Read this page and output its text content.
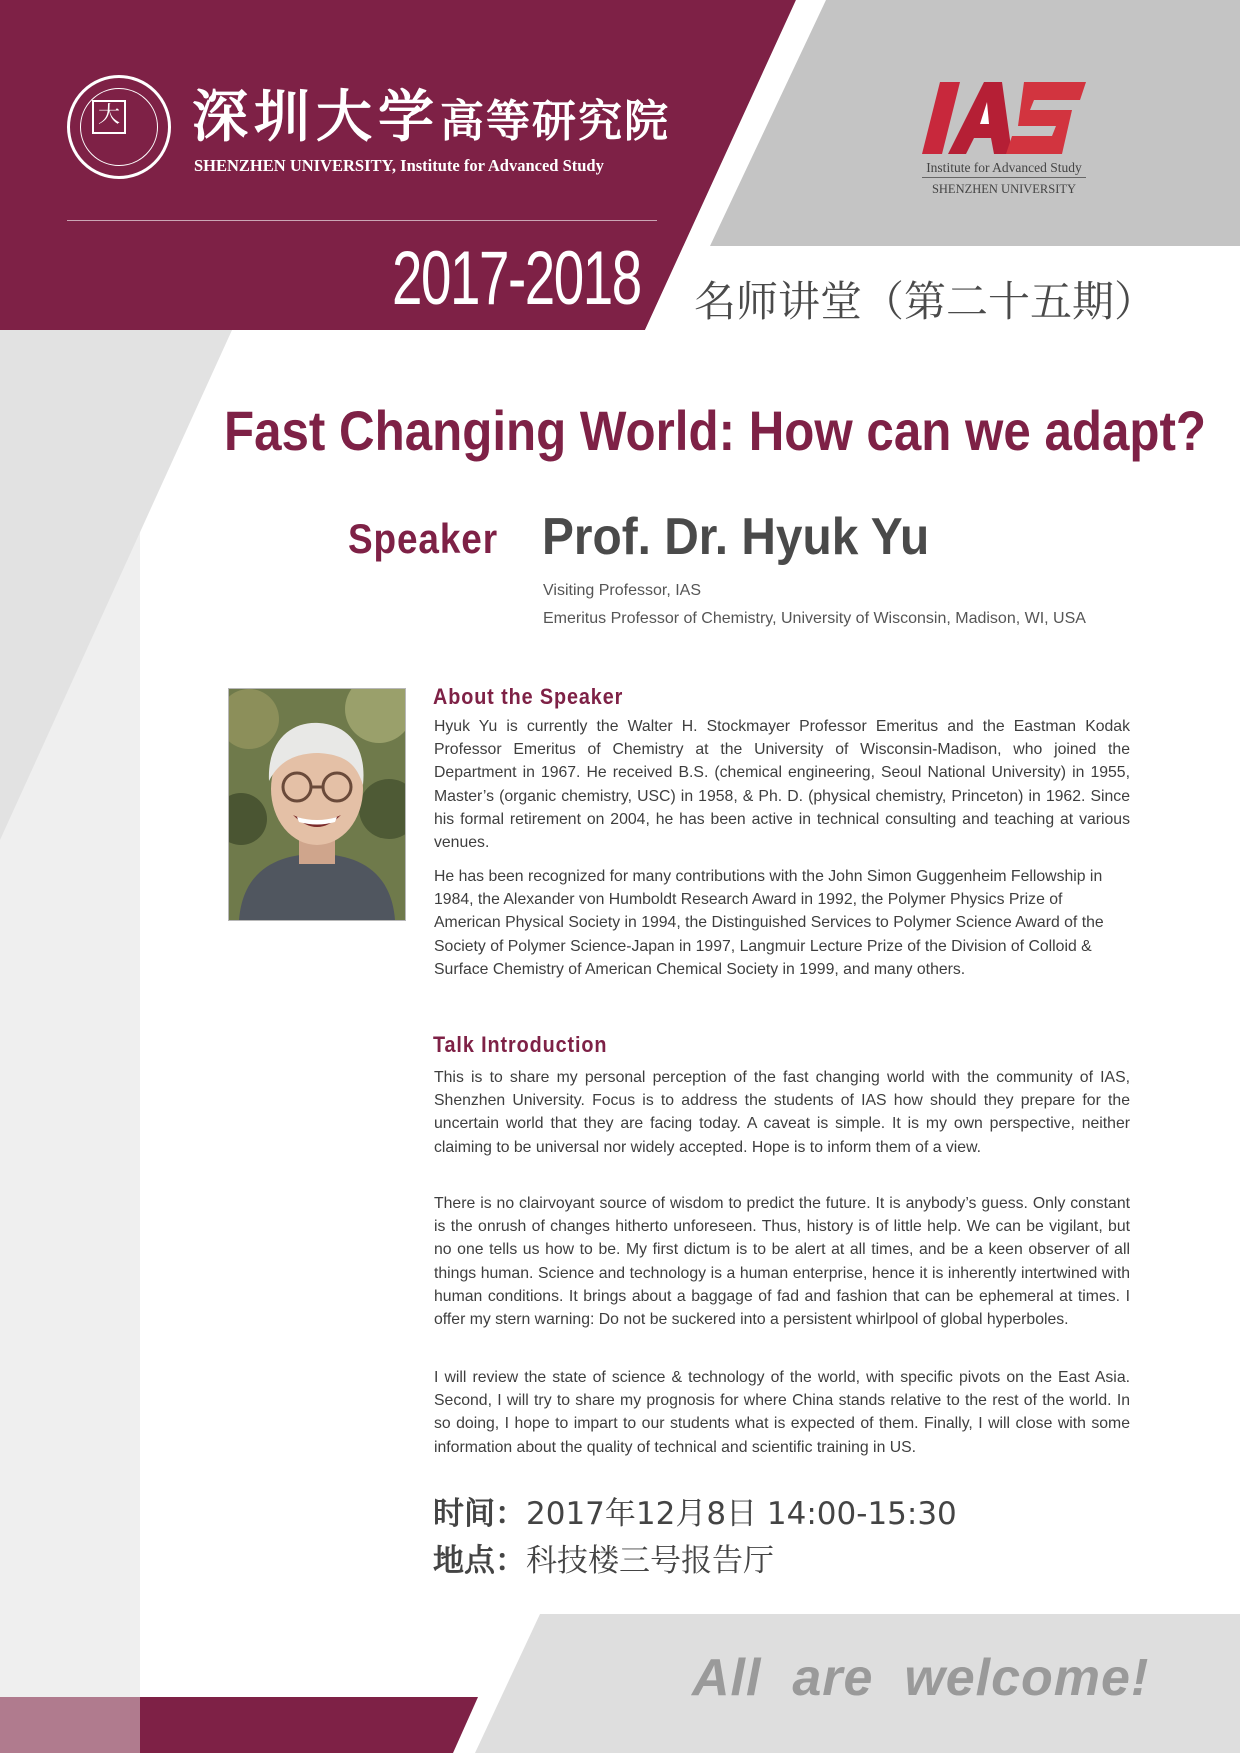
大 深圳大学高等研究院
SHENZHEN UNIVERSITY, Institute for Advanced Study
2017-2018 名师讲堂（第二十五期）
Institute for Advanced Study
SHENZHEN UNIVERSITY
Fast Changing World: How can we adapt?
Speaker Prof. Dr. Hyuk Yu
Visiting Professor, IAS
Emeritus Professor of Chemistry, University of Wisconsin, Madison, WI, USA
About the Speaker

Hyuk Yu is currently the Walter H. Stockmayer Professor Emeritus and the Eastman Kodak Professor Emeritus of Chemistry at the University of Wisconsin-Madison, who joined the Department in 1967. He received B.S. (chemical engineering, Seoul National University) in 1955, Master’s (organic chemistry, USC) in 1958, & Ph. D. (physical chemistry, Princeton) in 1962. Since his formal retirement on 2004, he has been active in technical consulting and teaching at various venues.

He has been recognized for many contributions with the John Simon Guggenheim Fellowship in 1984, the Alexander von Humboldt Research Award in 1992, the Polymer Physics Prize of American Physical Society in 1994, the Distinguished Services to Polymer Science Award of the Society of Polymer Science-Japan in 1997, Langmuir Lecture Prize of the Division of Colloid & Surface Chemistry of American Chemical Society in 1999, and many others.

Talk Introduction

This is to share my personal perception of the fast changing world with the community of IAS, Shenzhen University. Focus is to address the students of IAS how should they prepare for the uncertain world that they are facing today. A caveat is simple. It is my own perspective, neither claiming to be universal nor widely accepted. Hope is to inform them of a view.

There is no clairvoyant source of wisdom to predict the future. It is anybody’s guess. Only constant is the onrush of changes hitherto unforeseen. Thus, history is of little help. We can be vigilant, but no one tells us how to be. My first dictum is to be alert at all times, and be a keen observer of all things human. Science and technology is a human enterprise, hence it is inherently intertwined with human conditions. It brings about a baggage of fad and fashion that can be ephemeral at times. I offer my stern warning: Do not be suckered into a persistent whirlpool of global hyperboles.

I will review the state of science & technology of the world, with specific pivots on the East Asia. Second, I will try to share my prognosis for where China stands relative to the rest of the world. In so doing, I hope to impart to our students what is expected of them. Finally, I will close with some information about the quality of technical and scientific training in US.

时间：2017年12月8日 14:00-15:30
地点：科技楼三号报告厅
All  are  welcome!
